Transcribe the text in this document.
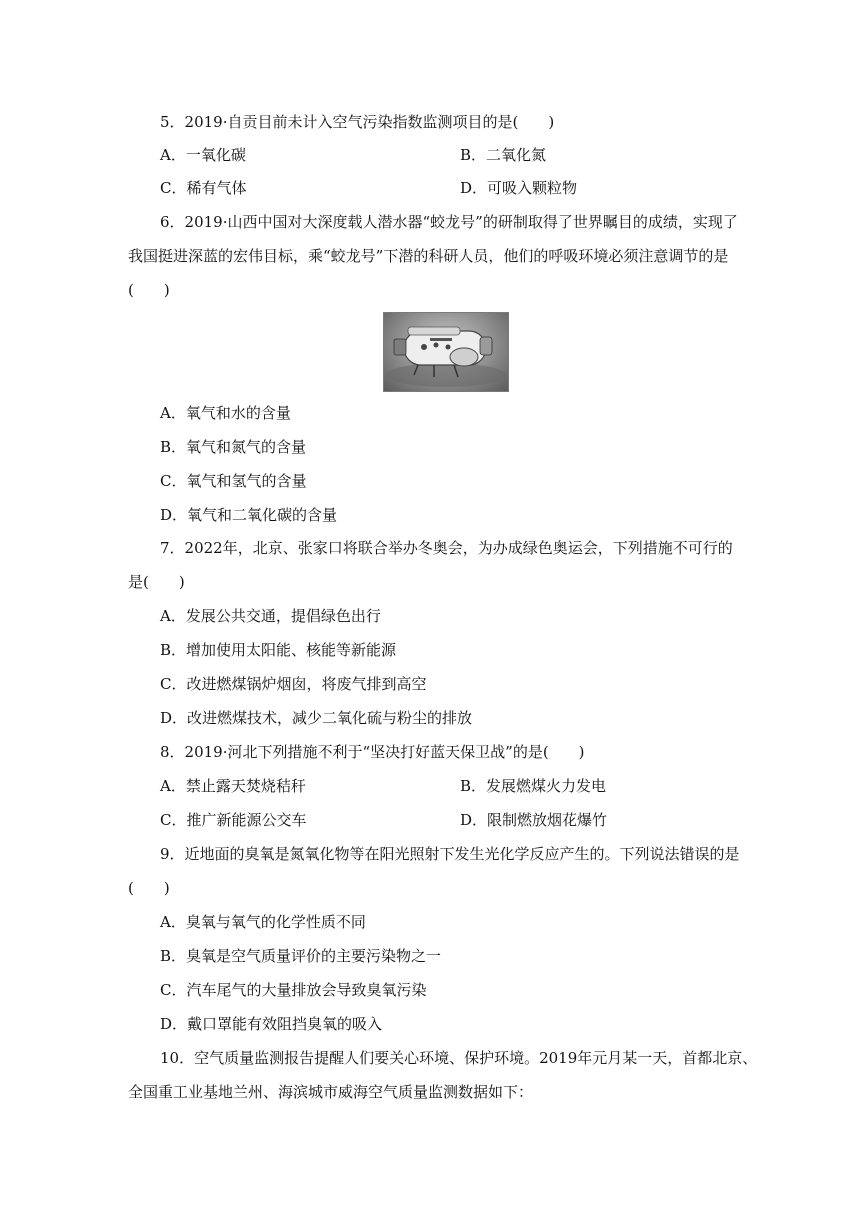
5．2019·自贡目前未计入空气污染指数监测项目的是(　　)
A．一氧化碳	B．二氧化氮
C．稀有气体	D．可吸入颗粒物
6．2019·山西中国对大深度载人潜水器“蛟龙号”的研制取得了世界瞩目的成绩，实现了
我国挺进深蓝的宏伟目标，乘“蛟龙号”下潜的科研人员，他们的呼吸环境必须注意调节的是
(　　)
A．氧气和水的含量
B．氧气和氮气的含量
C．氧气和氢气的含量
D．氧气和二氧化碳的含量
7．2022年，北京、张家口将联合举办冬奥会，为办成绿色奥运会，下列措施不可行的
是(　　)
A．发展公共交通，提倡绿色出行
B．增加使用太阳能、核能等新能源
C．改进燃煤锅炉烟囱，将废气排到高空
D．改进燃煤技术，减少二氧化硫与粉尘的排放
8．2019·河北下列措施不利于“坚决打好蓝天保卫战”的是(　　)
A．禁止露天焚烧秸秆	B．发展燃煤火力发电
C．推广新能源公交车	D．限制燃放烟花爆竹
9．近地面的臭氧是氮氧化物等在阳光照射下发生光化学反应产生的。下列说法错误的是
(　　)
A．臭氧与氧气的化学性质不同
B．臭氧是空气质量评价的主要污染物之一
C．汽车尾气的大量排放会导致臭氧污染
D．戴口罩能有效阻挡臭氧的吸入
10．空气质量监测报告提醒人们要关心环境、保护环境。2019年元月某一天，首都北京、
全国重工业基地兰州、海滨城市威海空气质量监测数据如下：
